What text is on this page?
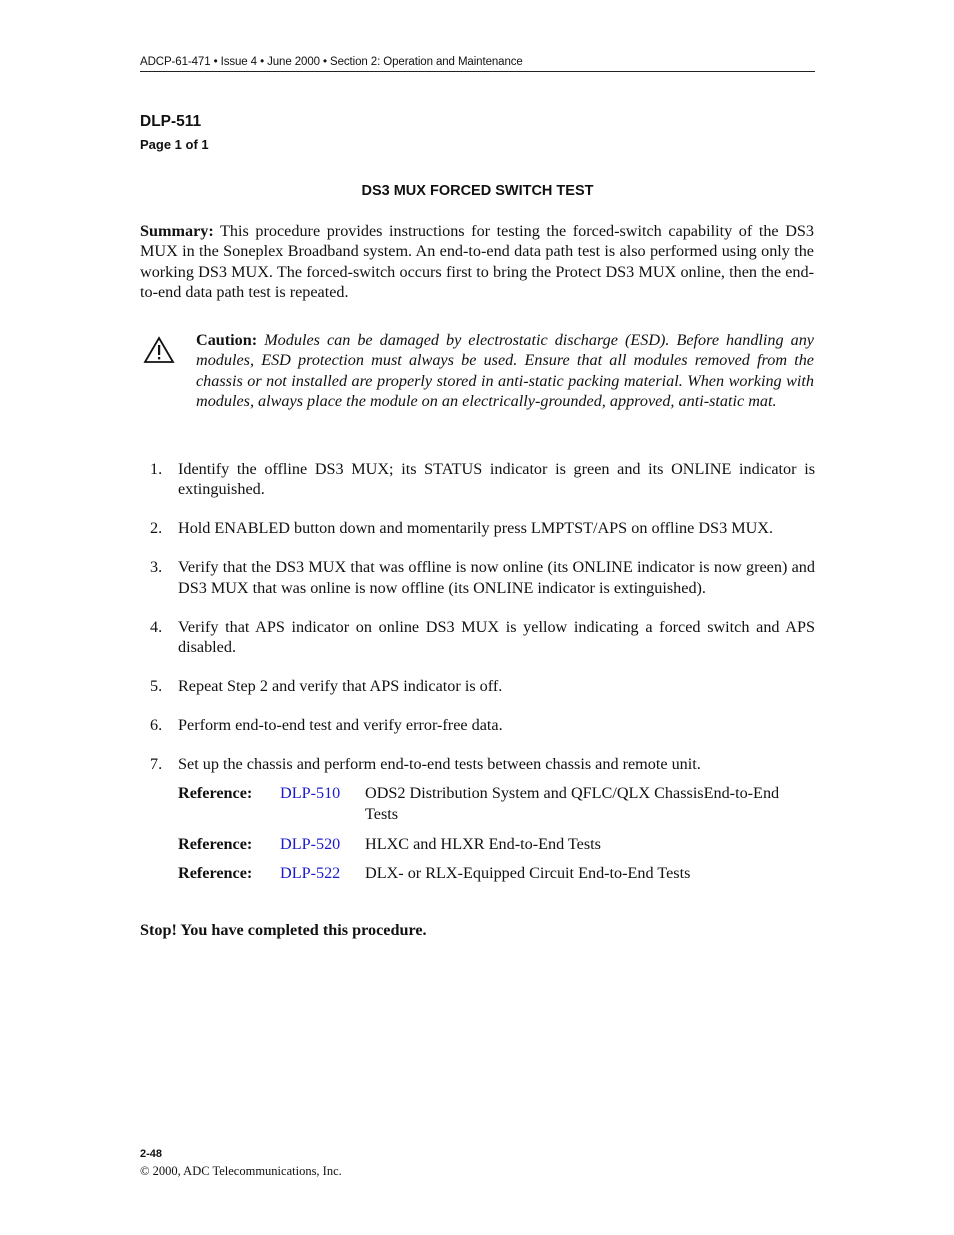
ADCP-61-471 • Issue 4 • June 2000 • Section 2: Operation and Maintenance
DLP-511
Page 1 of 1
DS3 MUX FORCED SWITCH TEST
Summary: This procedure provides instructions for testing the forced-switch capability of the DS3 MUX in the Soneplex Broadband system. An end-to-end data path test is also performed using only the working DS3 MUX. The forced-switch occurs first to bring the Protect DS3 MUX online, then the end-to-end data path test is repeated.
Caution: Modules can be damaged by electrostatic discharge (ESD). Before handling any modules, ESD protection must always be used. Ensure that all modules removed from the chassis or not installed are properly stored in anti-static packing material. When working with modules, always place the module on an electrically-grounded, approved, anti-static mat.
1. Identify the offline DS3 MUX; its STATUS indicator is green and its ONLINE indicator is extinguished.
2. Hold ENABLED button down and momentarily press LMPTST/APS on offline DS3 MUX.
3. Verify that the DS3 MUX that was offline is now online (its ONLINE indicator is now green) and DS3 MUX that was online is now offline (its ONLINE indicator is extinguished).
4. Verify that APS indicator on online DS3 MUX is yellow indicating a forced switch and APS disabled.
5. Repeat Step 2 and verify that APS indicator is off.
6. Perform end-to-end test and verify error-free data.
7. Set up the chassis and perform end-to-end tests between chassis and remote unit.
Reference:	DLP-510	ODS2 Distribution System and QFLC/QLX ChassisEnd-to-End Tests
Reference:	DLP-520	HLXC and HLXR End-to-End Tests
Reference:	DLP-522	DLX- or RLX-Equipped Circuit End-to-End Tests
Stop! You have completed this procedure.
2-48
© 2000, ADC Telecommunications, Inc.
